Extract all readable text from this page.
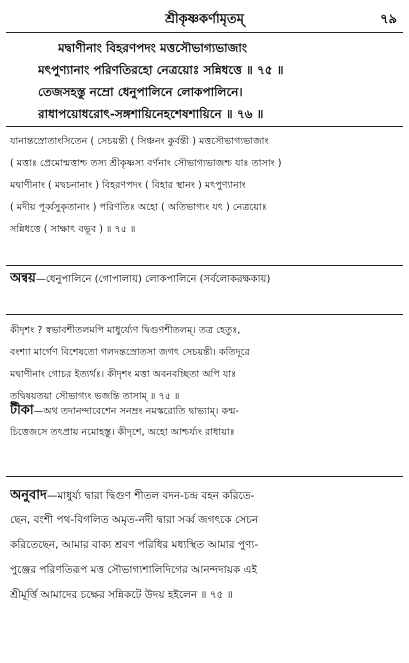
শ্রীকৃষ্ণকর্ণামৃতম্	৭৯
মদ্বাণীনাং বিহরণপদং মত্তসৌভাগ্যভাজাং
মৎপুণ্যানাং পরিণতিরহো নেত্রয়োঃ সন্নিধত্তে ॥ ৭৫ ॥
তেজসহস্তু নম্রো ধেনুপালিনে লোকপালিনে।
রাধাপয়োধরোৎ-সঙ্গশায়িনেহশেষশায়িনে ॥ ৭৬ ॥
যানাম্তস্রোতাংসিতেন ( সেচয়ন্তী ( সিঞ্চনং কুর্বন্তী ) মত্তসৌভাগ্যভাজাং
( মত্তাঃ প্রেমোন্মত্তাশ্চ তস্য শ্রীকৃষ্ণস্য বর্ণনাং সৌভাগ্যভাজশ্চ যাঃ তাসাং )
মদ্বাণীনাং ( মদ্বচনানাং ) বিহরণপদং ( বিহার স্থানং ) মৎপুণ্যানাং
( মদীয় পূর্ব্বসুকৃতানাং ) পরিণতিঃ অহো ( অতিভাগ্যং যৎ ) নেত্রয়োঃ
সন্নিধত্তে ( সাক্ষাৎ বভূব ) ॥ ৭৫ ॥
অন্বয়—ধেনুপালিনে (গোপালায়) লোকপালিনে (সর্বলোকরক্ষকায়)
কীদৃশং ? স্বভাবশীতলমপি মাধুর্য্যেণ দ্বিগুণশীতলম্। তত্র হেতুঃ,
বংশ্যা মার্গেণ বিশেষতো গলদম্তস্রোতসা জগৎ সেচয়ন্তী। কতিদূরে
মদ্বাণীনাং গোচর ইত্যর্থঃ। কীদৃশং মত্তা অবনবচ্ছিতা অপি যাঃ
তদ্বিষয়তয়া সৌভাগ্যং ভজন্তি তাসাম্ ॥ ৭৫ ॥
টীকা—অথ তদানন্দাবেশেন সনম্রং নমস্করোতি দ্বাভ্যাম্। কন্ম-
চিত্তেজসে তৎপ্রায় নমোহস্তু। কীদৃশে, অহো আশ্চর্য্যং রাধায়াঃ
অনুবাদ—মাধুর্য্য দ্বারা দ্বিগুণ শীতল বদন-চন্দ্র বহন করিতে-
ছেন, বংশী পথ-বিগলিত অমৃত-নদী দ্বারা সর্ব্ব জগৎকে সেচন
করিতেছেন, আমার বাক্য শ্রবণ পরিধির মধ্যস্থিত আমার পুণ্য-
পুঞ্জের পরিণতিরূপ মত্ত সৌভাগ্যশালিদিগের আনন্দদায়ক এই
শ্রীমূর্ত্তি আমাদের চক্ষের সন্নিকটে উদয় হইলেন ॥ ৭৫ ॥
